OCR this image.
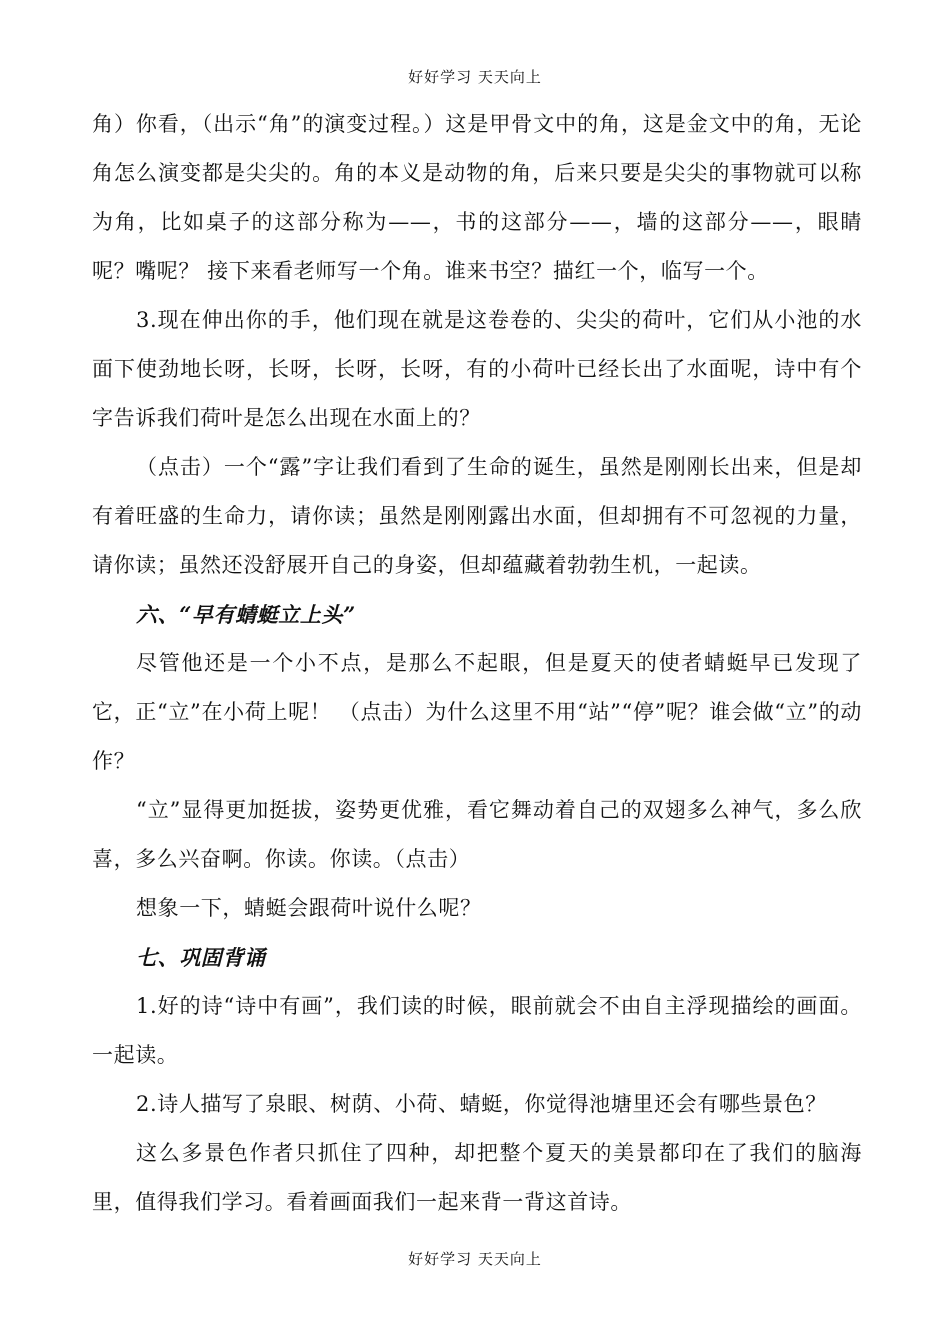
好好学习 天天向上

角）你看，（出示“角”的演变过程。）这是甲骨文中的角，这是金文中的角，无论角怎么演变都是尖尖的。角的本义是动物的角，后来只要是尖尖的事物就可以称为角，比如桌子的这部分称为——，书的这部分——，墙的这部分——，眼睛呢？嘴呢？ 接下来看老师写一个角。谁来书空？描红一个，临写一个。

3.现在伸出你的手，他们现在就是这卷卷的、尖尖的荷叶，它们从小池的水面下使劲地长呀，长呀，长呀，长呀，有的小荷叶已经长出了水面呢，诗中有个字告诉我们荷叶是怎么出现在水面上的？

（点击）一个“露”字让我们看到了生命的诞生，虽然是刚刚长出来，但是却有着旺盛的生命力，请你读；虽然是刚刚露出水面，但却拥有不可忽视的力量，请你读；虽然还没舒展开自己的身姿，但却蕴藏着勃勃生机，一起读。

六、“早有蜻蜓立上头”

尽管他还是一个小不点，是那么不起眼，但是夏天的使者蜻蜓早已发现了它，正“立”在小荷上呢！ （点击）为什么这里不用“站”“停”呢？谁会做“立”的动作？

“立”显得更加挺拔，姿势更优雅，看它舞动着自己的双翅多么神气，多么欣喜，多么兴奋啊。你读。你读。（点击）

想象一下，蜻蜓会跟荷叶说什么呢？

七、巩固背诵

1.好的诗“诗中有画”，我们读的时候，眼前就会不由自主浮现描绘的画面。一起读。

2.诗人描写了泉眼、树荫、小荷、蜻蜓，你觉得池塘里还会有哪些景色？

这么多景色作者只抓住了四种，却把整个夏天的美景都印在了我们的脑海里，值得我们学习。看着画面我们一起来背一背这首诗。

好好学习 天天向上
